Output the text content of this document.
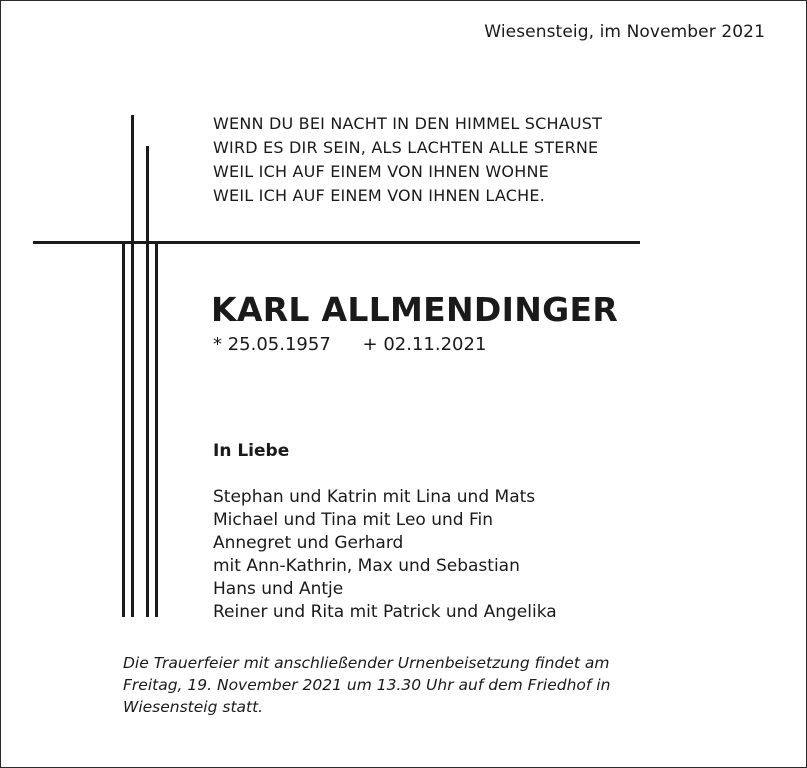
Wiesensteig, im November 2021
WENN DU BEI NACHT IN DEN HIMMEL SCHAUST
WIRD ES DIR SEIN, ALS LACHTEN ALLE STERNE
WEIL ICH AUF EINEM VON IHNEN WOHNE
WEIL ICH AUF EINEM VON IHNEN LACHE.
KARL ALLMENDINGER
* 25.05.1957 + 02.11.2021
In Liebe
Stephan und Katrin mit Lina und Mats
Michael und Tina mit Leo und Fin
Annegret und Gerhard
mit Ann-Kathrin, Max und Sebastian
Hans und Antje
Reiner und Rita mit Patrick und Angelika
Die Trauerfeier mit anschließender Urnenbeisetzung findet am
Freitag, 19. November 2021 um 13.30 Uhr auf dem Friedhof in
Wiesensteig statt.
